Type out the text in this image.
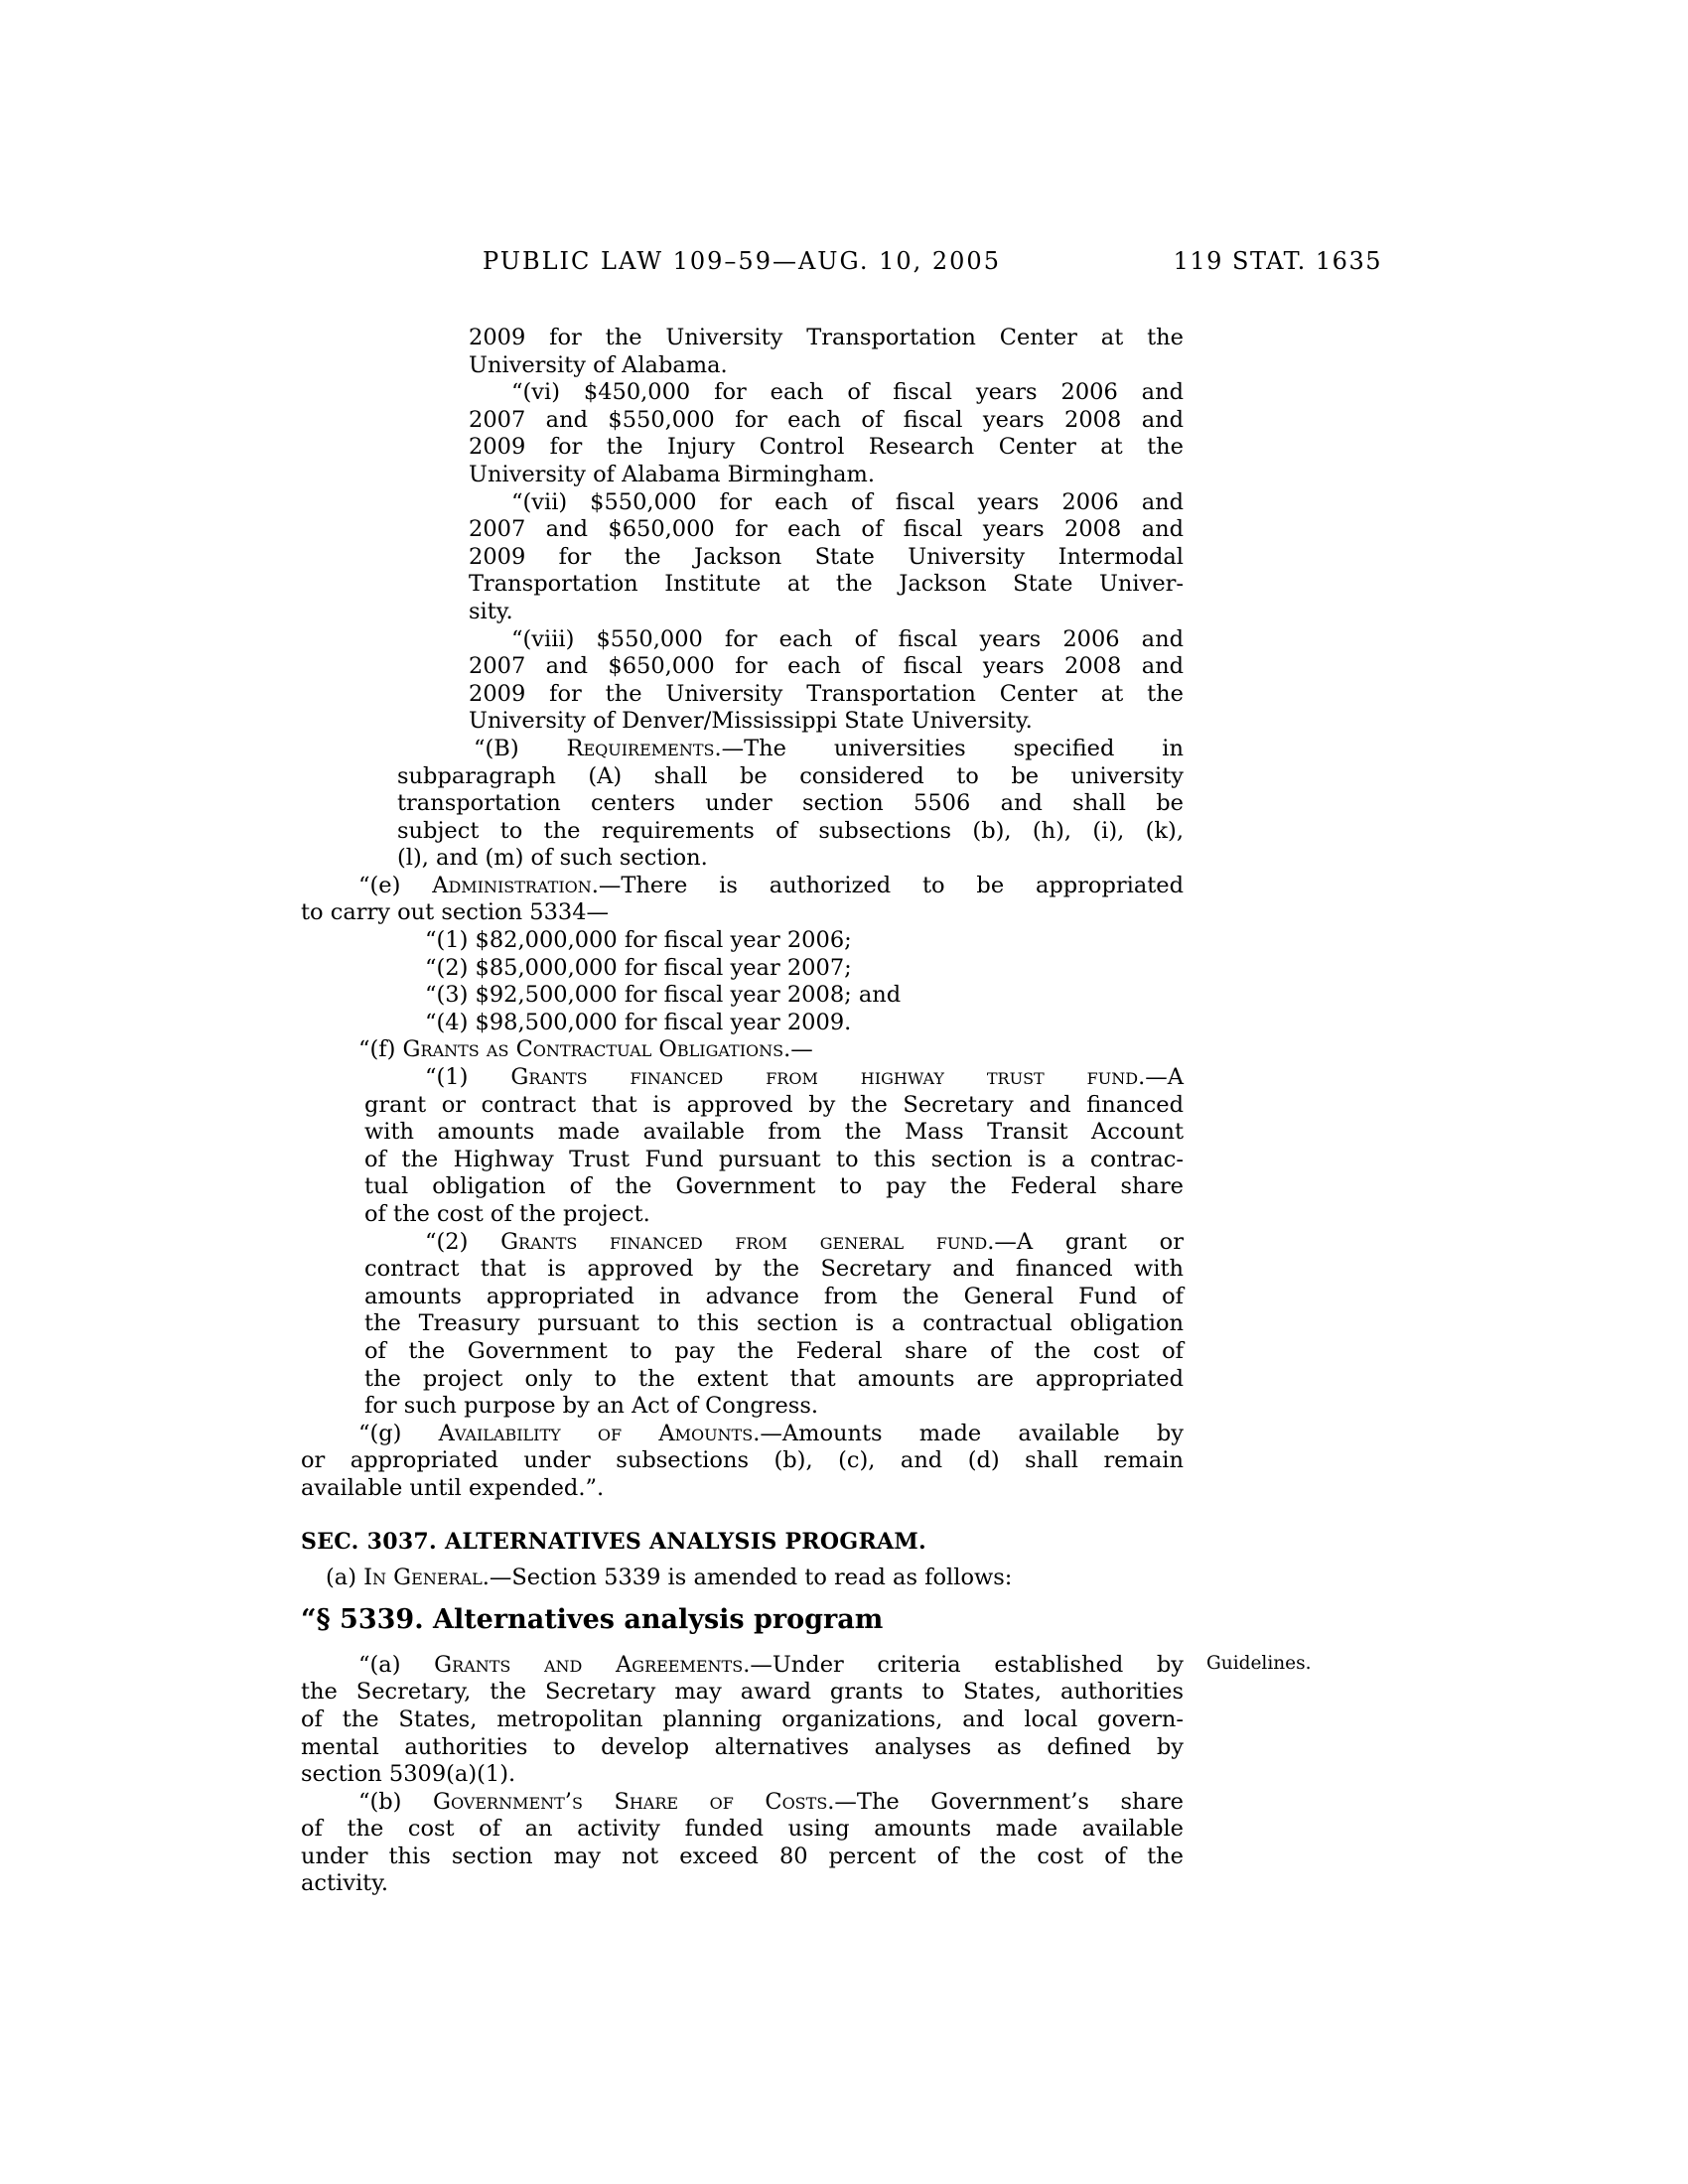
PUBLIC LAW 109–59—AUG. 10, 2005	119 STAT. 1635
2009 for the University Transportation Center at the
University of Alabama.
“(vi) $450,000 for each of fiscal years 2006 and
2007 and $550,000 for each of fiscal years 2008 and
2009 for the Injury Control Research Center at the
University of Alabama Birmingham.
“(vii) $550,000 for each of fiscal years 2006 and
2007 and $650,000 for each of fiscal years 2008 and
2009 for the Jackson State University Intermodal
Transportation Institute at the Jackson State Univer-
sity.
“(viii) $550,000 for each of fiscal years 2006 and
2007 and $650,000 for each of fiscal years 2008 and
2009 for the University Transportation Center at the
University of Denver/Mississippi State University.
“(B) Requirements.—The universities specified in
subparagraph (A) shall be considered to be university
transportation centers under section 5506 and shall be
subject to the requirements of subsections (b), (h), (i), (k),
(l), and (m) of such section.
“(e) Administration.—There is authorized to be appropriated
to carry out section 5334—
“(1) $82,000,000 for fiscal year 2006;
“(2) $85,000,000 for fiscal year 2007;
“(3) $92,500,000 for fiscal year 2008; and
“(4) $98,500,000 for fiscal year 2009.
“(f) Grants as Contractual Obligations.—
“(1) Grants financed from highway trust fund.—A
grant or contract that is approved by the Secretary and financed
with amounts made available from the Mass Transit Account
of the Highway Trust Fund pursuant to this section is a contrac-
tual obligation of the Government to pay the Federal share
of the cost of the project.
“(2) Grants financed from general fund.—A grant or
contract that is approved by the Secretary and financed with
amounts appropriated in advance from the General Fund of
the Treasury pursuant to this section is a contractual obligation
of the Government to pay the Federal share of the cost of
the project only to the extent that amounts are appropriated
for such purpose by an Act of Congress.
“(g) Availability of Amounts.—Amounts made available by
or appropriated under subsections (b), (c), and (d) shall remain
available until expended.”.
SEC. 3037. ALTERNATIVES ANALYSIS PROGRAM.
(a) In General.—Section 5339 is amended to read as follows:
“§ 5339. Alternatives analysis program
“(a) Grants and Agreements.—Under criteria established by
the Secretary, the Secretary may award grants to States, authorities
of the States, metropolitan planning organizations, and local govern-
mental authorities to develop alternatives analyses as defined by
section 5309(a)(1).
“(b) Government’s Share of Costs.—The Government’s share
of the cost of an activity funded using amounts made available
under this section may not exceed 80 percent of the cost of the
activity.
Guidelines.
